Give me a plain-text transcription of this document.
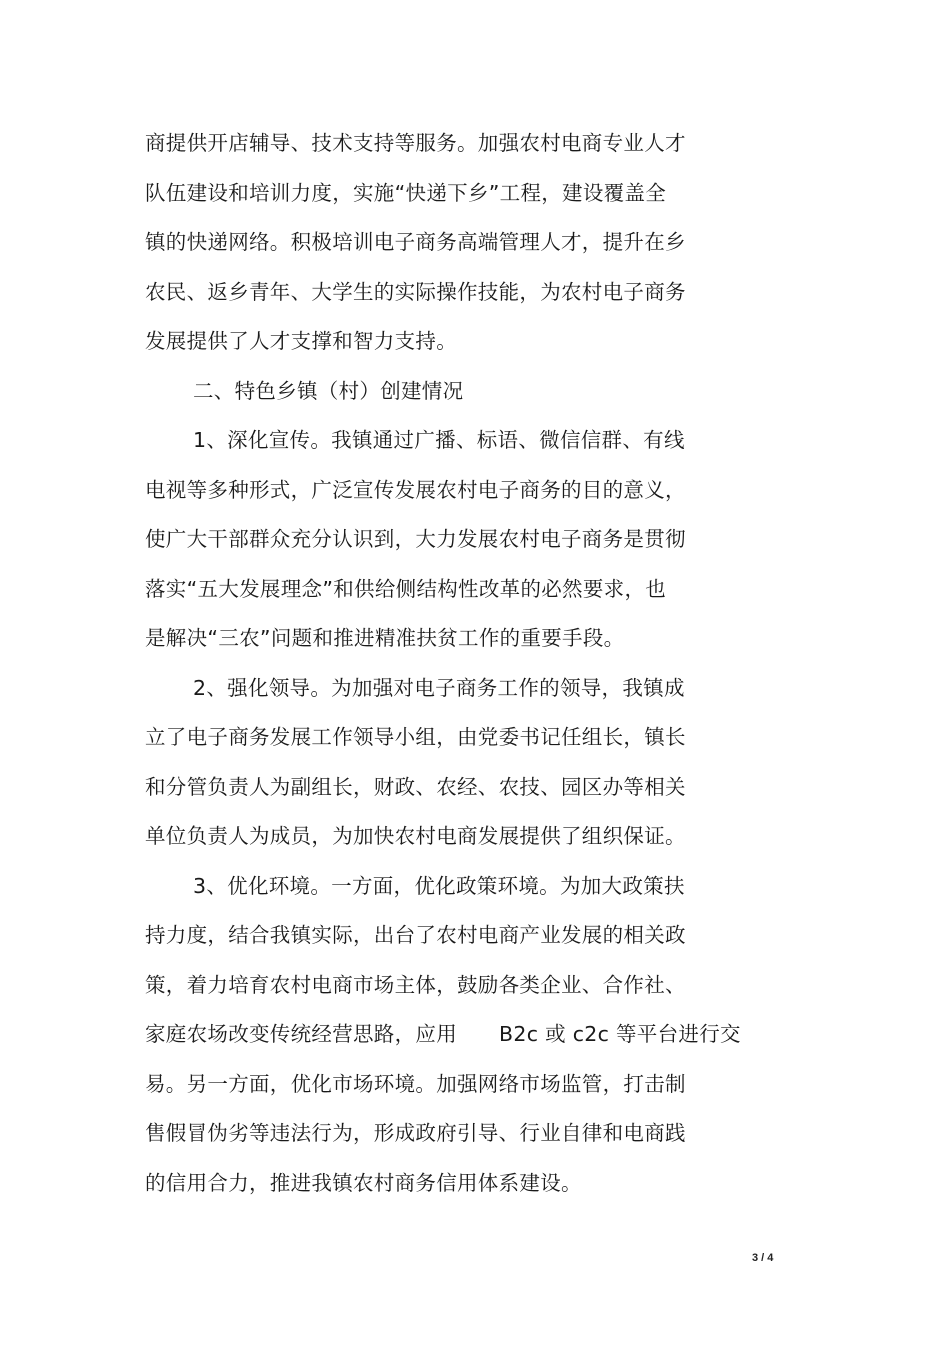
商提供开店辅导、技术支持等服务。加强农村电商专业人才
队伍建设和培训力度，实施“快递下乡”工程，建设覆盖全
镇的快递网络。积极培训电子商务高端管理人才，提升在乡
农民、返乡青年、大学生的实际操作技能，为农村电子商务
发展提供了人才支撑和智力支持。
二、特色乡镇（村）创建情况
1、深化宣传。我镇通过广播、标语、微信信群、有线
电视等多种形式，广泛宣传发展农村电子商务的目的意义，
使广大干部群众充分认识到，大力发展农村电子商务是贯彻
落实“五大发展理念”和供给侧结构性改革的必然要求，也
是解决“三农”问题和推进精准扶贫工作的重要手段。
2、强化领导。为加强对电子商务工作的领导，我镇成
立了电子商务发展工作领导小组，由党委书记任组长，镇长
和分管负责人为副组长，财政、农经、农技、园区办等相关
单位负责人为成员，为加快农村电商发展提供了组织保证。
3、优化环境。一方面，优化政策环境。为加大政策扶
持力度，结合我镇实际，出台了农村电商产业发展的相关政
策，着力培育农村电商市场主体，鼓励各类企业、合作社、
家庭农场改变传统经营思路，应用 B2c 或 c2c 等平台进行交
易。另一方面，优化市场环境。加强网络市场监管，打击制
售假冒伪劣等违法行为，形成政府引导、行业自律和电商践
的信用合力，推进我镇农村商务信用体系建设。
3 / 4
